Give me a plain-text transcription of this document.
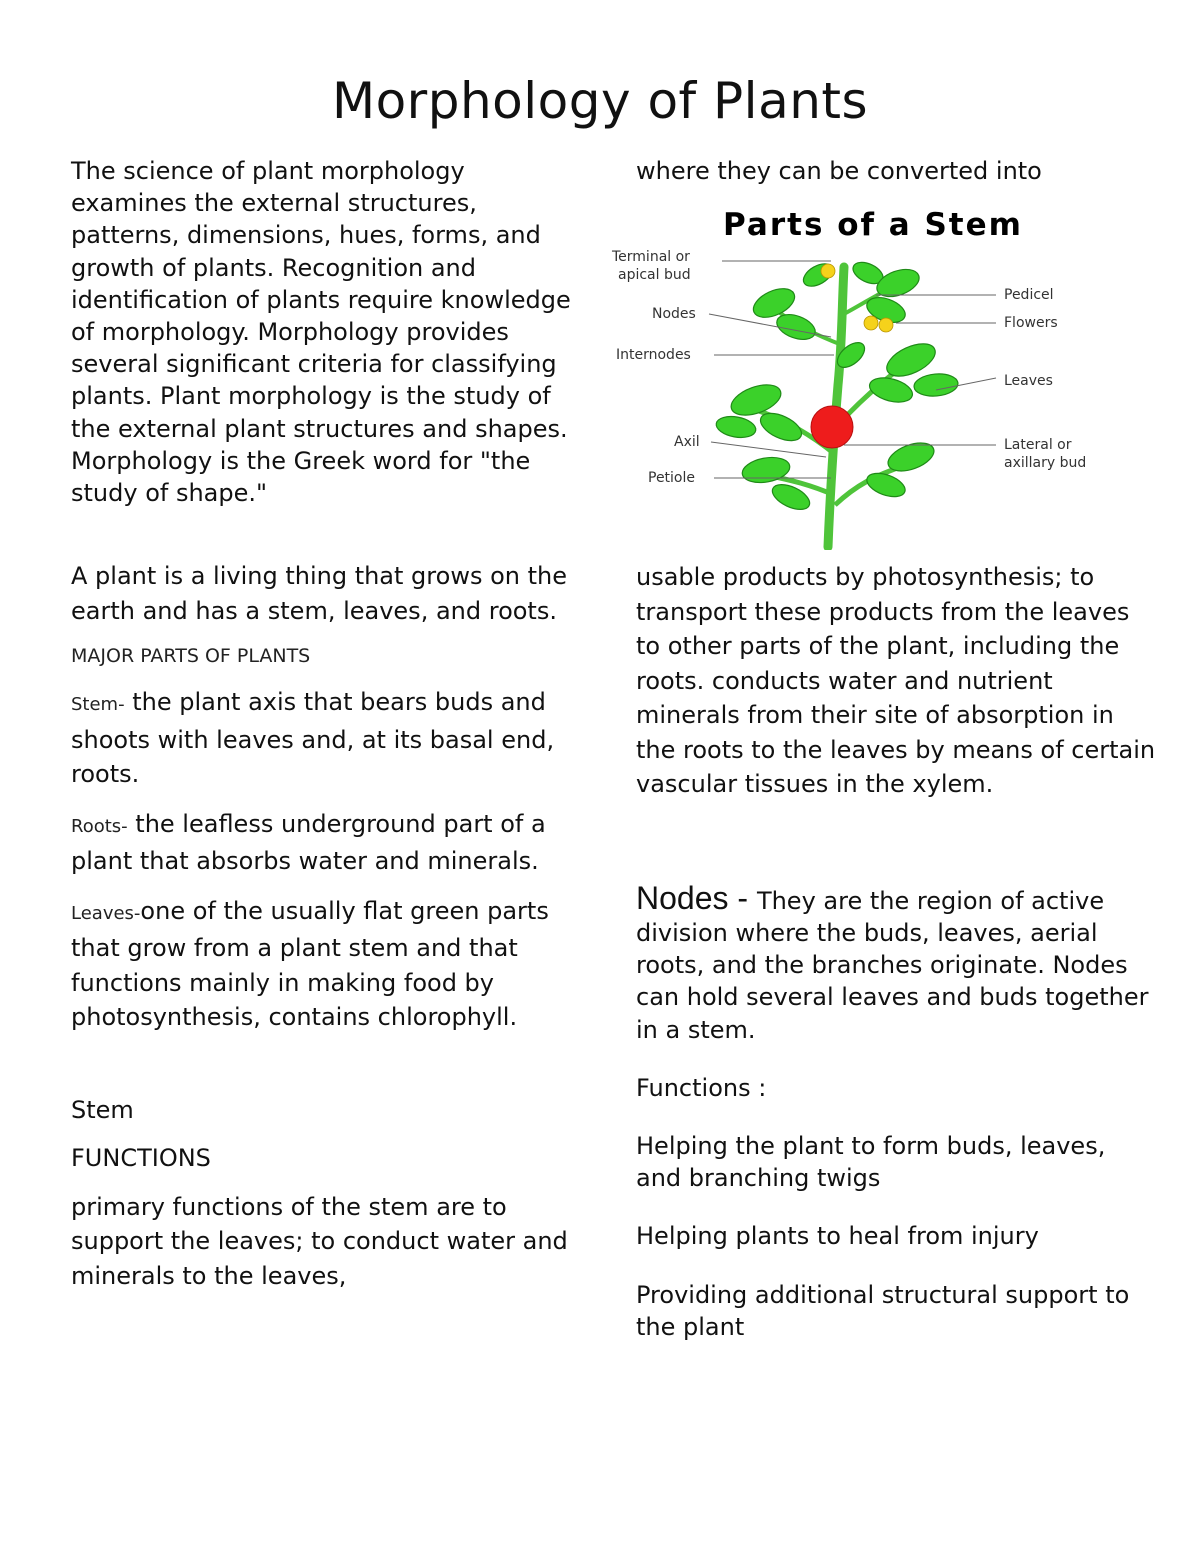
Morphology of Plants

The science of plant morphology examines the external structures, patterns, dimensions, hues, forms, and growth of plants. Recognition and identification of plants require knowledge of morphology. Morphology provides several significant criteria for classifying plants. Plant morphology is the study of the external plant structures and shapes. Morphology is the Greek word for "the study of shape."

A plant is a living thing that grows on the earth and has a stem, leaves, and roots.

MAJOR PARTS OF PLANTS

Stem- the plant axis that bears buds and shoots with leaves and, at its basal end, roots.

Roots- the leafless underground part of a plant that absorbs water and minerals.

Leaves-one of the usually flat green parts that grow from a plant stem and that functions mainly in making food by photosynthesis, contains chlorophyll.

Stem

FUNCTIONS

primary functions of the stem are to support the leaves; to conduct water and minerals to the leaves,

where they can be converted into

Parts of a Stem
Terminal or
apical bud
Nodes
Internodes
Axil
Petiole
Pedicel
Flowers
Leaves
Lateral or
axillary bud

usable products by photosynthesis; to transport these products from the leaves to other parts of the plant, including the roots. conducts water and nutrient minerals from their site of absorption in the roots to the leaves by means of certain vascular tissues in the xylem.

Nodes - They are the region of active division where the buds, leaves, aerial roots, and the branches originate. Nodes can hold several leaves and buds together in a stem.

Functions :

Helping the plant to form buds, leaves, and branching twigs

Helping plants to heal from injury

Providing additional structural support to the plant
